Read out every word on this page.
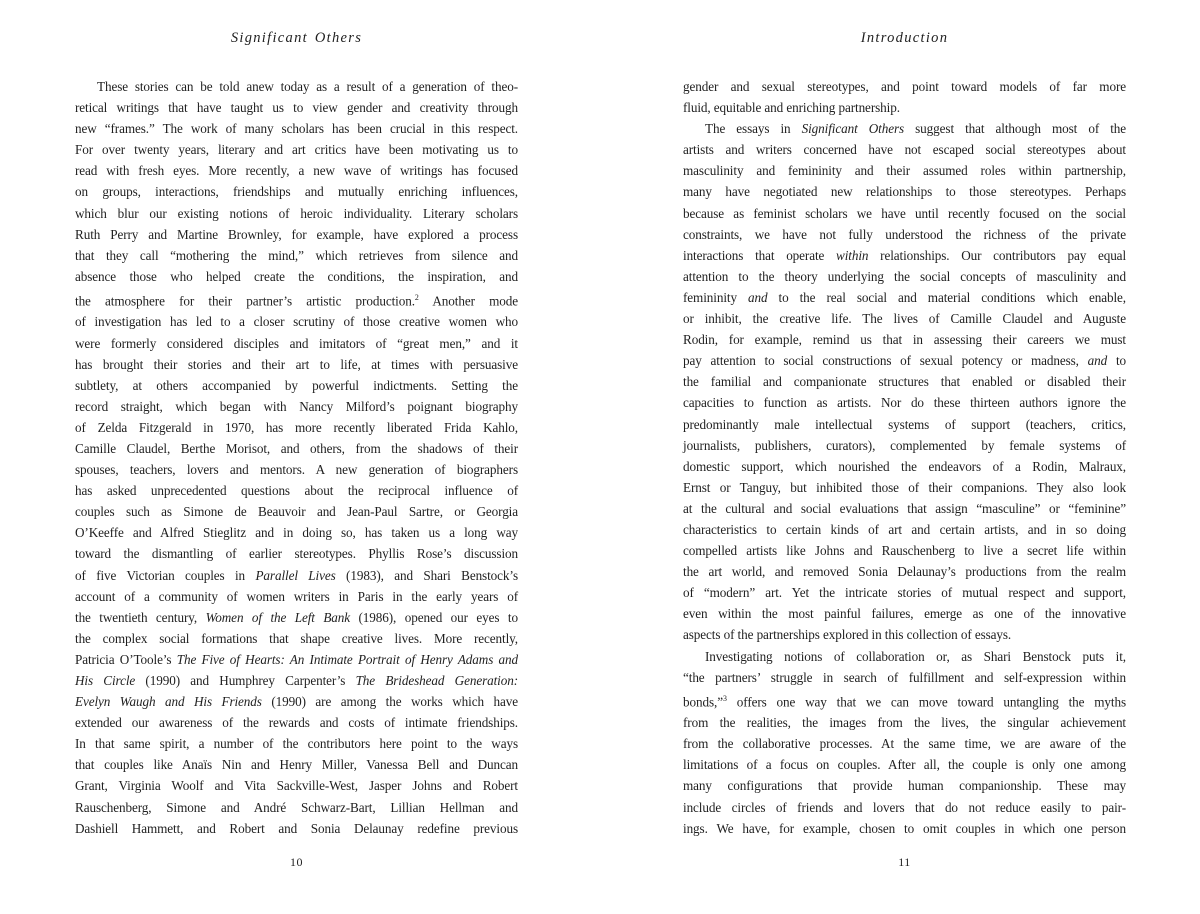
Significant Others
These stories can be told anew today as a result of a generation of theo-
retical writings that have taught us to view gender and creativity through
new “frames.” The work of many scholars has been crucial in this respect.
For over twenty years, literary and art critics have been motivating us to
read with fresh eyes. More recently, a new wave of writings has focused
on groups, interactions, friendships and mutually enriching influences,
which blur our existing notions of heroic individuality. Literary scholars
Ruth Perry and Martine Brownley, for example, have explored a process
that they call “mothering the mind,” which retrieves from silence and
absence those who helped create the conditions, the inspiration, and
the atmosphere for their partner’s artistic production.$^2$ Another mode
of investigation has led to a closer scrutiny of those creative women who
were formerly considered disciples and imitators of “great men,” and it
has brought their stories and their art to life, at times with persuasive
subtlety, at others accompanied by powerful indictments. Setting the
record straight, which began with Nancy Milford’s poignant biography
of Zelda Fitzgerald in 1970, has more recently liberated Frida Kahlo,
Camille Claudel, Berthe Morisot, and others, from the shadows of their
spouses, teachers, lovers and mentors. A new generation of biographers
has asked unprecedented questions about the reciprocal influence of
couples such as Simone de Beauvoir and Jean-Paul Sartre, or Georgia
O’Keeffe and Alfred Stieglitz and in doing so, has taken us a long way
toward the dismantling of earlier stereotypes. Phyllis Rose’s discussion
of five Victorian couples in Parallel Lives (1983), and Shari Benstock’s
account of a community of women writers in Paris in the early years of
the twentieth century, Women of the Left Bank (1986), opened our eyes to
the complex social formations that shape creative lives. More recently,
Patricia O’Toole’s The Five of Hearts: An Intimate Portrait of Henry Adams and
His Circle (1990) and Humphrey Carpenter’s The Brideshead Generation:
Evelyn Waugh and His Friends (1990) are among the works which have
extended our awareness of the rewards and costs of intimate friendships.
In that same spirit, a number of the contributors here point to the ways
that couples like Anaïs Nin and Henry Miller, Vanessa Bell and Duncan
Grant, Virginia Woolf and Vita Sackville-West, Jasper Johns and Robert
Rauschenberg, Simone and André Schwarz-Bart, Lillian Hellman and
Dashiell Hammett, and Robert and Sonia Delaunay redefine previous
10
Introduction
gender and sexual stereotypes, and point toward models of far more
fluid, equitable and enriching partnership.
The essays in Significant Others suggest that although most of the
artists and writers concerned have not escaped social stereotypes about
masculinity and femininity and their assumed roles within partnership,
many have negotiated new relationships to those stereotypes. Perhaps
because as feminist scholars we have until recently focused on the social
constraints, we have not fully understood the richness of the private
interactions that operate within relationships. Our contributors pay equal
attention to the theory underlying the social concepts of masculinity and
femininity and to the real social and material conditions which enable,
or inhibit, the creative life. The lives of Camille Claudel and Auguste
Rodin, for example, remind us that in assessing their careers we must
pay attention to social constructions of sexual potency or madness, and to
the familial and companionate structures that enabled or disabled their
capacities to function as artists. Nor do these thirteen authors ignore the
predominantly male intellectual systems of support (teachers, critics,
journalists, publishers, curators), complemented by female systems of
domestic support, which nourished the endeavors of a Rodin, Malraux,
Ernst or Tanguy, but inhibited those of their companions. They also look
at the cultural and social evaluations that assign “masculine” or “feminine”
characteristics to certain kinds of art and certain artists, and in so doing
compelled artists like Johns and Rauschenberg to live a secret life within
the art world, and removed Sonia Delaunay’s productions from the realm
of “modern” art. Yet the intricate stories of mutual respect and support,
even within the most painful failures, emerge as one of the innovative
aspects of the partnerships explored in this collection of essays.
Investigating notions of collaboration or, as Shari Benstock puts it,
“the partners’ struggle in search of fulfillment and self-expression within
bonds,”$^3$ offers one way that we can move toward untangling the myths
from the realities, the images from the lives, the singular achievement
from the collaborative processes. At the same time, we are aware of the
limitations of a focus on couples. After all, the couple is only one among
many configurations that provide human companionship. These may
include circles of friends and lovers that do not reduce easily to pair-
ings. We have, for example, chosen to omit couples in which one person
11
